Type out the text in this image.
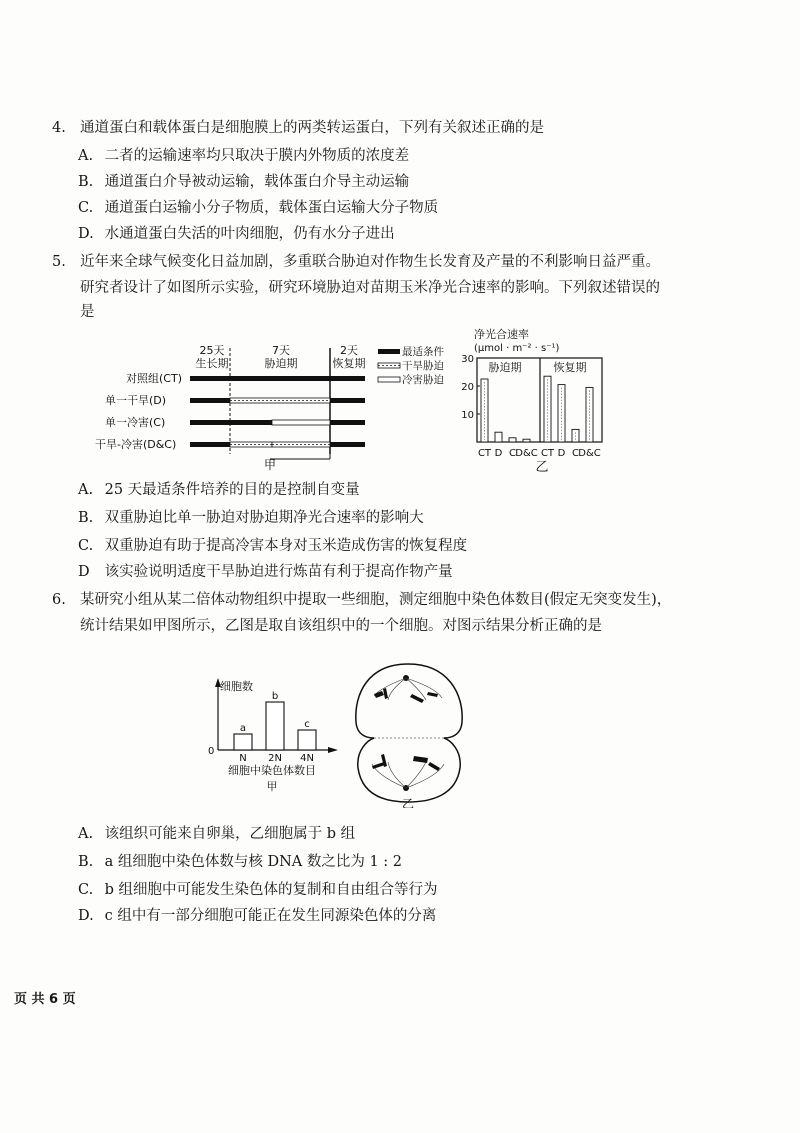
4. 通道蛋白和载体蛋白是细胞膜上的两类转运蛋白，下列有关叙述正确的是
A. 二者的运输速率均只取决于膜内外物质的浓度差
B. 通道蛋白介导被动运输，载体蛋白介导主动运输
C. 通道蛋白运输小分子物质，载体蛋白运输大分子物质
D. 水通道蛋白失活的叶肉细胞，仍有水分子进出
5. 近年来全球气候变化日益加剧，多重联合胁迫对作物生长发育及产量的不利影响日益严重。
研究者设计了如图所示实验，研究环境胁迫对苗期玉米净光合速率的影响。下列叙述错误的
是
25天
生长期
7天
胁迫期
2天
恢复期
对照组(CT)
单一干旱(D)
单一冷害(C)
干旱-冷害(D&C)
最适条件
干旱胁迫
冷害胁迫
甲
净光合速率
(μmol · m⁻² · s⁻¹)
胁迫期	恢复期
10
20
30
CT D C D&C CT D C D&C
乙
A. 25 天最适条件培养的目的是控制自变量
B. 双重胁迫比单一胁迫对胁迫期净光合速率的影响大
C. 双重胁迫有助于提高冷害本身对玉米造成伤害的恢复程度
D 该实验说明适度干旱胁迫进行炼苗有利于提高作物产量
6. 某研究小组从某二倍体动物组织中提取一些细胞，测定细胞中染色体数目(假定无突变发生)，
统计结果如甲图所示，乙图是取自该组织中的一个细胞。对图示结果分析正确的是
细胞数
0
a
N
b
2N
c
4N
细胞中染色体数目
甲
乙
A. 该组织可能来自卵巢，乙细胞属于 b 组
B. a 组细胞中染色体数与核 DNA 数之比为 1 : 2
C. b 组细胞中可能发生染色体的复制和自由组合等行为
D. c 组中有一部分细胞可能正在发生同源染色体的分离
页 共 6 页
